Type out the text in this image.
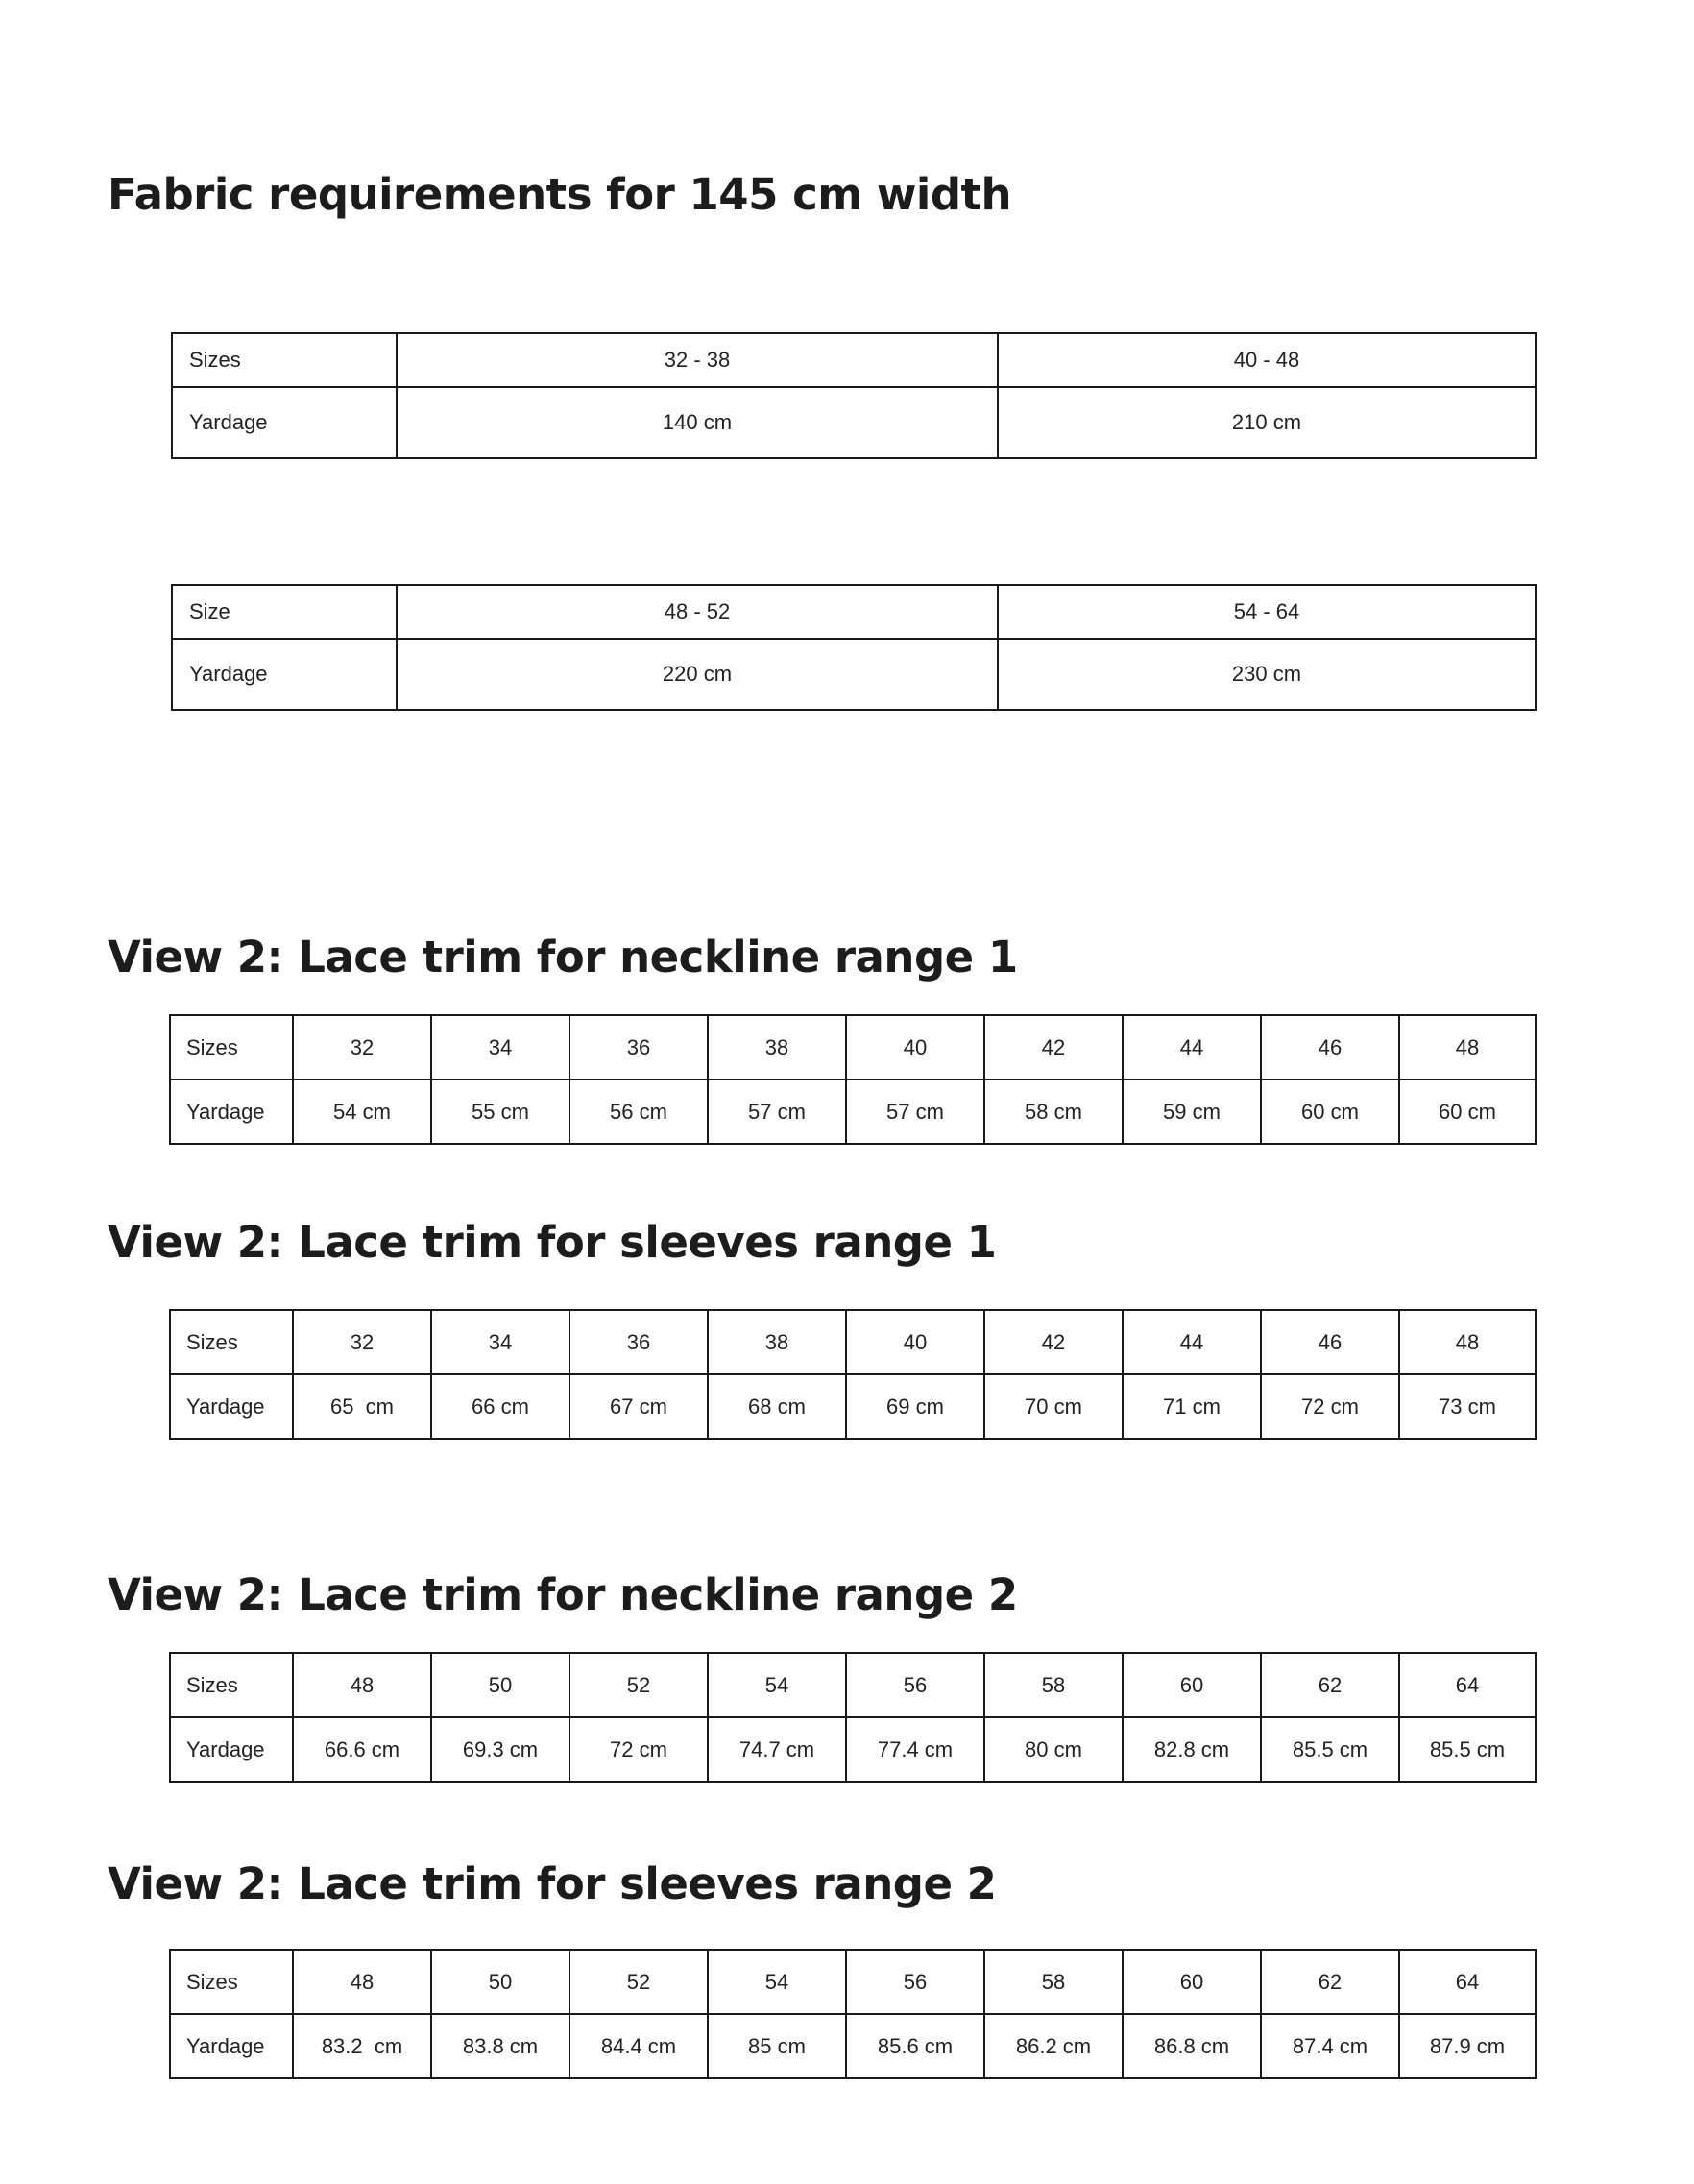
Fabric requirements for 145 cm width
Sizes	32 - 38	40 - 48
Yardage	140 cm	210 cm
Size	48 - 52	54 - 64
Yardage	220 cm	230 cm
View 2: Lace trim for neckline range 1
Sizes	32	34	36	38	40	42	44	46	48
Yardage	54 cm	55 cm	56 cm	57 cm	57 cm	58 cm	59 cm	60 cm	60 cm
View 2: Lace trim for sleeves range 1
Sizes	32	34	36	38	40	42	44	46	48
Yardage	65  cm	66 cm	67 cm	68 cm	69 cm	70 cm	71 cm	72 cm	73 cm
View 2: Lace trim for neckline range 2
Sizes	48	50	52	54	56	58	60	62	64
Yardage	66.6 cm	69.3 cm	72 cm	74.7 cm	77.4 cm	80 cm	82.8 cm	85.5 cm	85.5 cm
View 2: Lace trim for sleeves range 2
Sizes	48	50	52	54	56	58	60	62	64
Yardage	83.2  cm	83.8 cm	84.4 cm	85 cm	85.6 cm	86.2 cm	86.8 cm	87.4 cm	87.9 cm
